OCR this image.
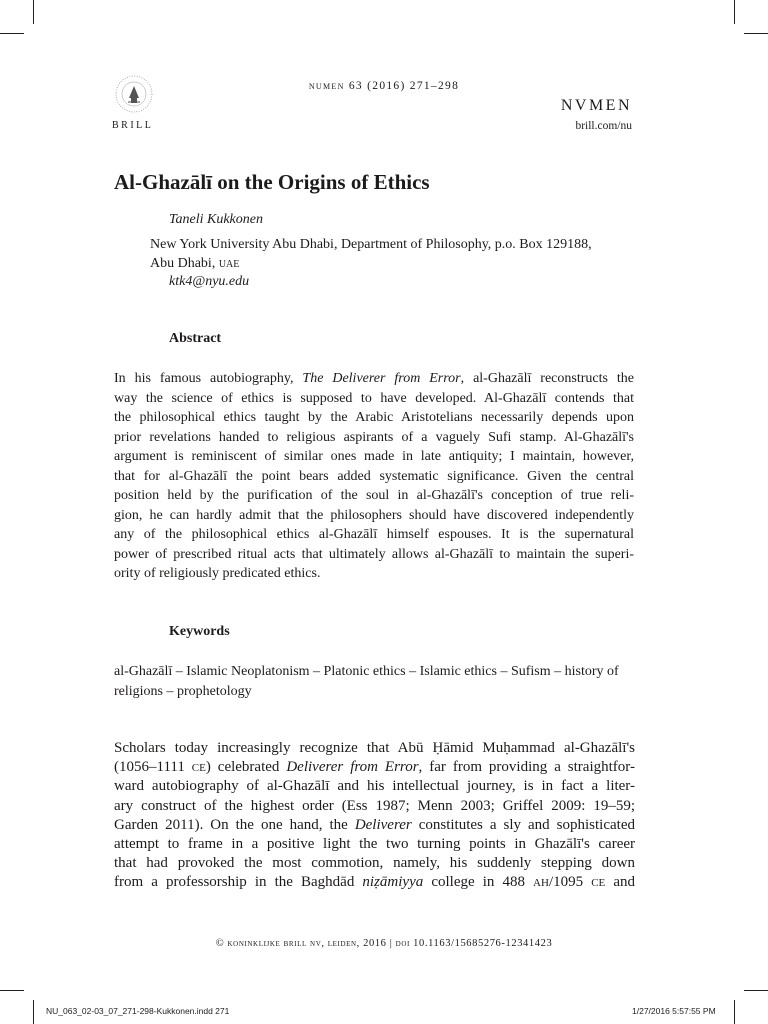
numen 63 (2016) 271–298
BRILL
NVMEN
brill.com/nu
Al-Ghazālī on the Origins of Ethics
Taneli Kukkonen
New York University Abu Dhabi, Department of Philosophy, p.o. Box 129188,
Abu Dhabi, uae
ktk4@nyu.edu
Abstract
In his famous autobiography, The Deliverer from Error, al-Ghazālī reconstructs the
way the science of ethics is supposed to have developed. Al-Ghazālī contends that
the philosophical ethics taught by the Arabic Aristotelians necessarily depends upon
prior revelations handed to religious aspirants of a vaguely Sufi stamp. Al-Ghazālī's
argument is reminiscent of similar ones made in late antiquity; I maintain, however,
that for al-Ghazālī the point bears added systematic significance. Given the central
position held by the purification of the soul in al-Ghazālī's conception of true reli-
gion, he can hardly admit that the philosophers should have discovered independently
any of the philosophical ethics al-Ghazālī himself espouses. It is the supernatural
power of prescribed ritual acts that ultimately allows al-Ghazālī to maintain the superi-
ority of religiously predicated ethics.
Keywords
al-Ghazālī – Islamic Neoplatonism – Platonic ethics – Islamic ethics – Sufism – history of religions – prophetology
Scholars today increasingly recognize that Abū Ḥāmid Muḥammad al-Ghazālī's
(1056–1111 ce) celebrated Deliverer from Error, far from providing a straightfor-
ward autobiography of al-Ghazālī and his intellectual journey, is in fact a liter-
ary construct of the highest order (Ess 1987; Menn 2003; Griffel 2009: 19–59;
Garden 2011). On the one hand, the Deliverer constitutes a sly and sophisticated
attempt to frame in a positive light the two turning points in Ghazālī's career
that had provoked the most commotion, namely, his suddenly stepping down
from a professorship in the Baghdād niẓāmiyya college in 488 ah/1095 ce and
© koninklijke brill nv, leiden, 2016 | doi 10.1163/15685276-12341423
NU_063_02-03_07_271-298-Kukkonen.indd 271	1/27/2016 5:57:55 PM
